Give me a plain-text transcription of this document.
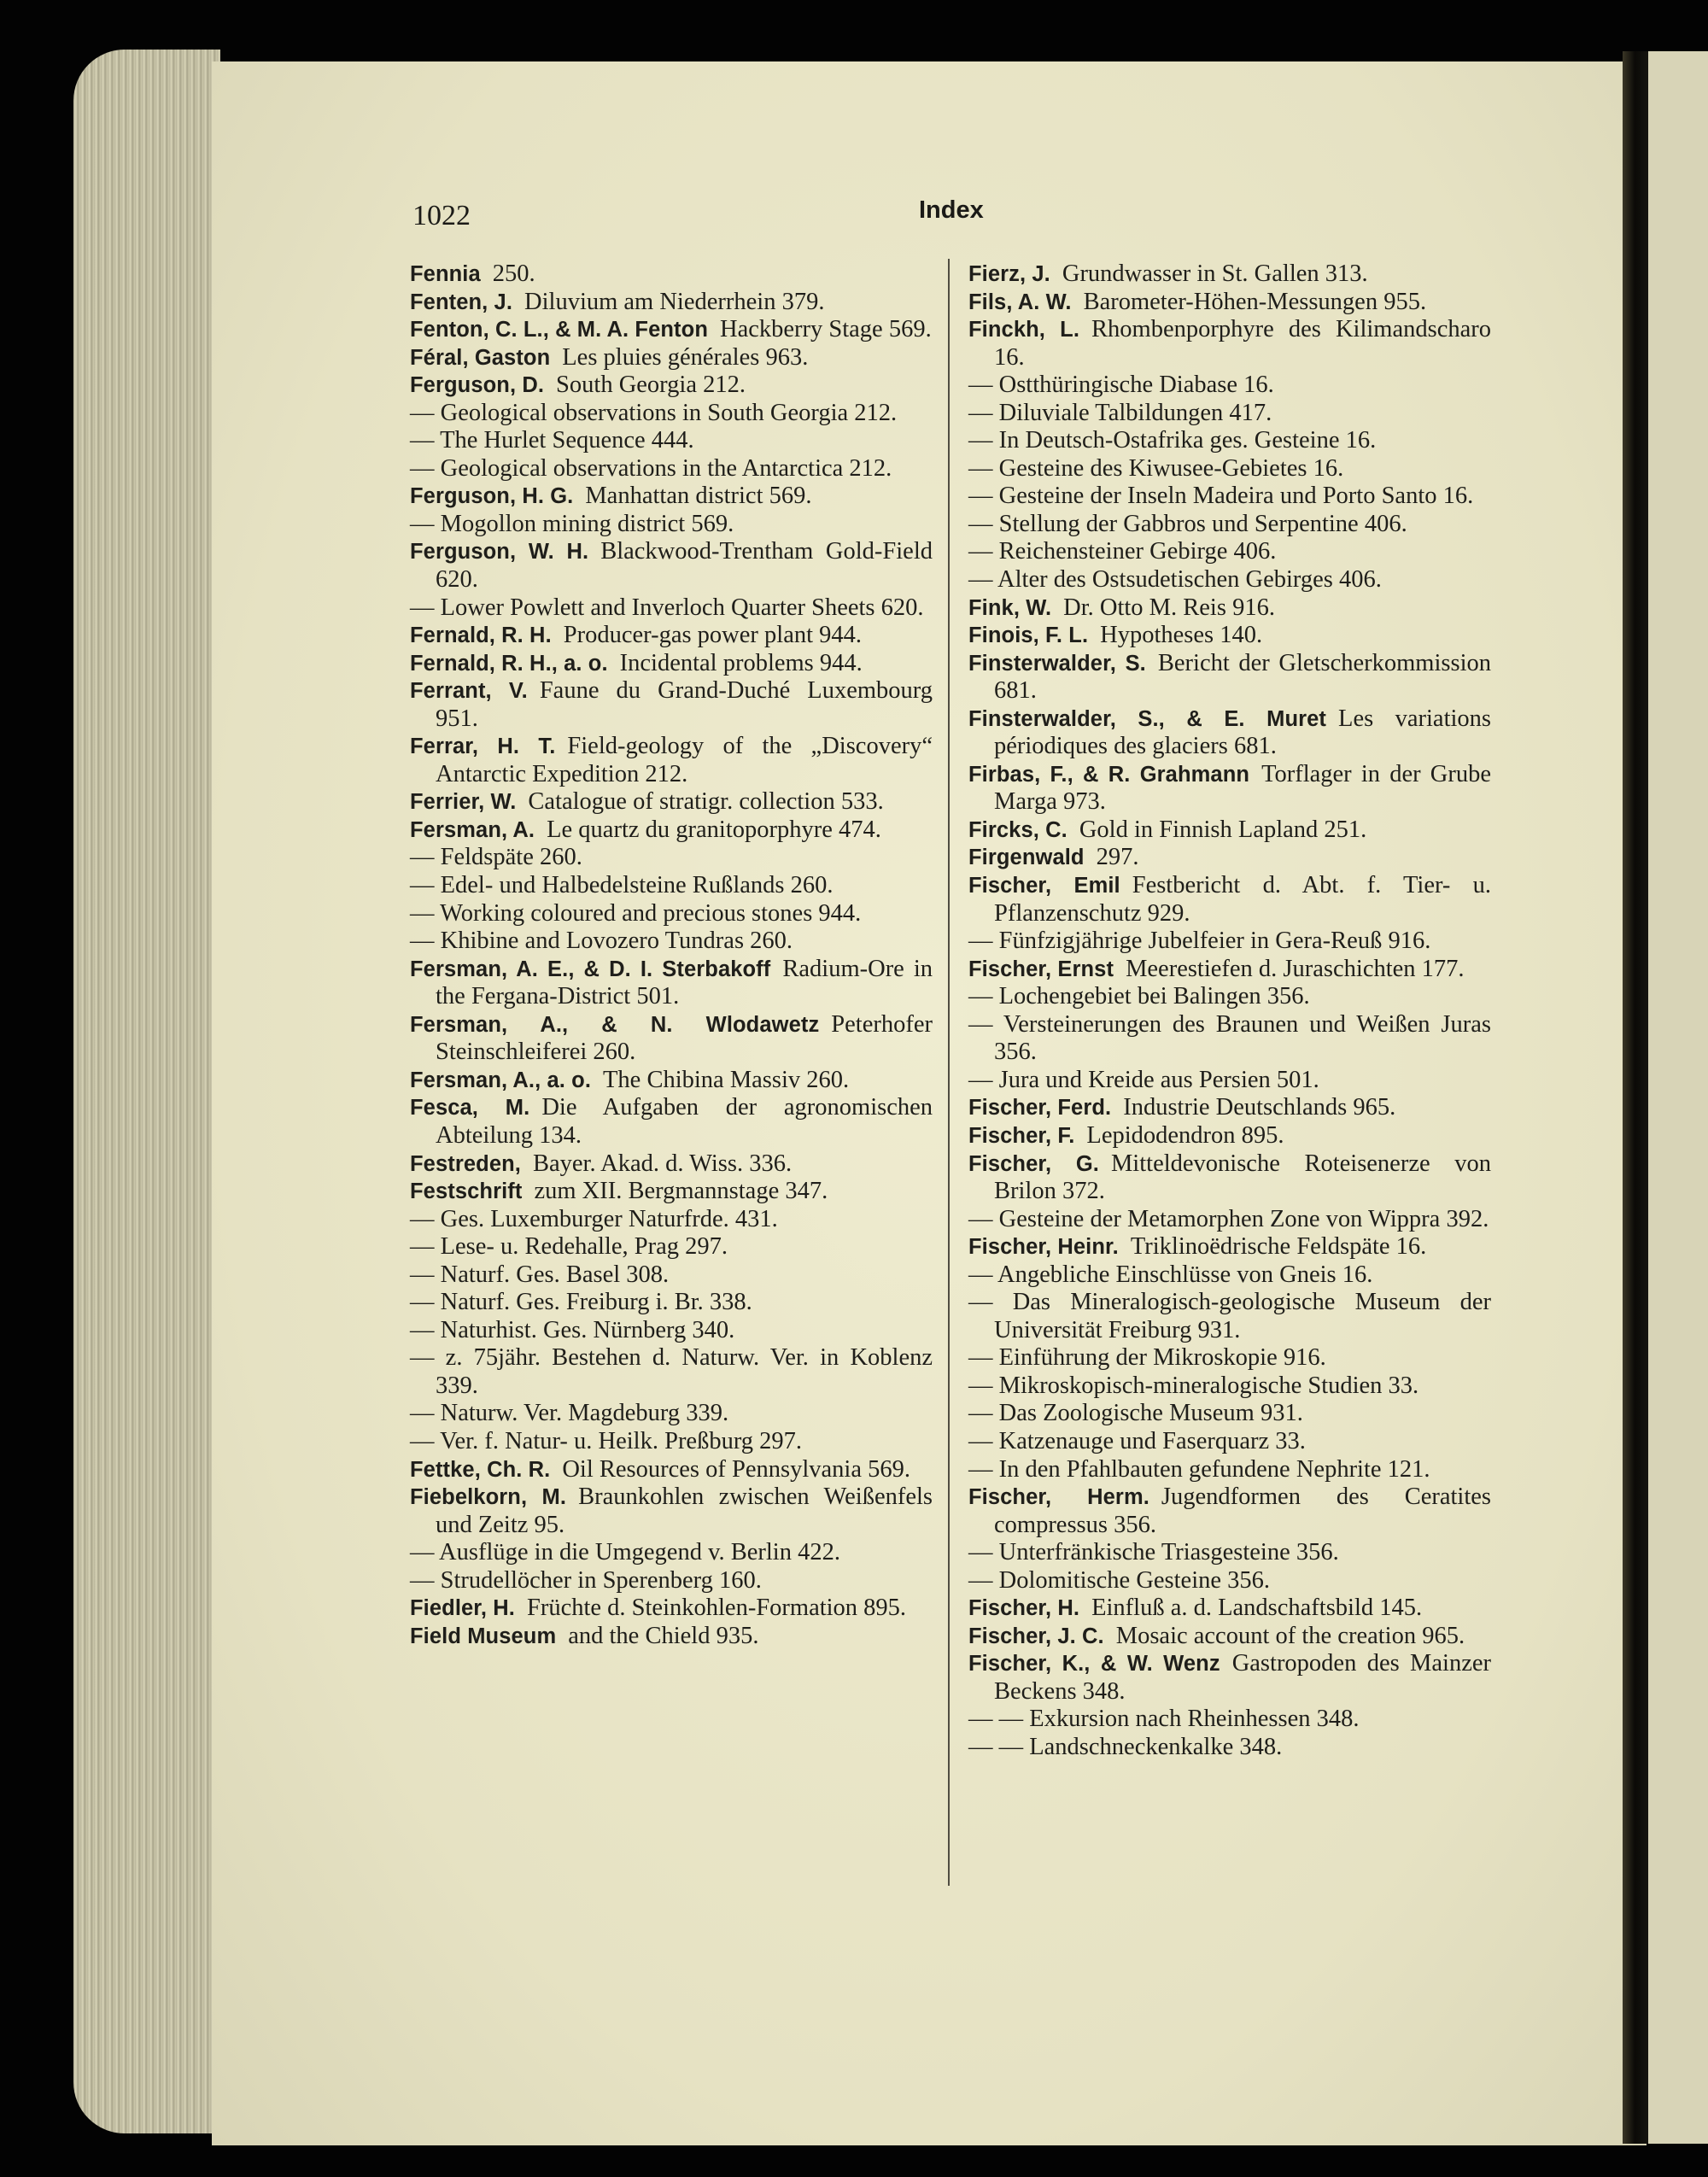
1022	Index

Fennia 250.

Fenten, J. Diluvium am Niederrhein 379.

Fenton, C. L., & M. A. Fenton Hackberry Stage 569.

Féral, Gaston Les pluies générales 963.

Ferguson, D. South Georgia 212.

— Geological observations in South Georgia 212.

— The Hurlet Sequence 444.

— Geological observations in the Antarctica 212.

Ferguson, H. G. Manhattan district 569.

— Mogollon mining district 569.

Ferguson, W. H. Blackwood-Trentham Gold-Field 620.

— Lower Powlett and Inverloch Quarter Sheets 620.

Fernald, R. H. Producer-gas power plant 944.

Fernald, R. H., a. o. Incidental problems 944.

Ferrant, V. Faune du Grand-Duché Luxembourg 951.

Ferrar, H. T. Field-geology of the „Discovery“ Antarctic Expedition 212.

Ferrier, W. Catalogue of stratigr. collection 533.

Fersman, A. Le quartz du granitoporphyre 474.

— Feldspäte 260.

— Edel- und Halbedelsteine Rußlands 260.

— Working coloured and precious stones 944.

— Khibine and Lovozero Tundras 260.

Fersman, A. E., & D. I. Sterbakoff Radium-Ore in the Fergana-District 501.

Fersman, A., & N. Wlodawetz Peterhofer Steinschleiferei 260.

Fersman, A., a. o. The Chibina Massiv 260.

Fesca, M. Die Aufgaben der agronomischen Abteilung 134.

Festreden, Bayer. Akad. d. Wiss. 336.

Festschrift zum XII. Bergmannstage 347.

— Ges. Luxemburger Naturfrde. 431.

— Lese- u. Redehalle, Prag 297.

— Naturf. Ges. Basel 308.

— Naturf. Ges. Freiburg i. Br. 338.

— Naturhist. Ges. Nürnberg 340.

— z. 75jähr. Bestehen d. Naturw. Ver. in Koblenz 339.

— Naturw. Ver. Magdeburg 339.

— Ver. f. Natur- u. Heilk. Preßburg 297.

Fettke, Ch. R. Oil Resources of Pennsylvania 569.

Fiebelkorn, M. Braunkohlen zwischen Weißenfels und Zeitz 95.

— Ausflüge in die Umgegend v. Berlin 422.

— Strudellöcher in Sperenberg 160.

Fiedler, H. Früchte d. Steinkohlen-Formation 895.

Field Museum and the Chield 935.

Fierz, J. Grundwasser in St. Gallen 313.

Fils, A. W. Barometer-Höhen-Messungen 955.

Finckh, L. Rhombenporphyre des Kilimandscharo 16.

— Ostthüringische Diabase 16.

— Diluviale Talbildungen 417.

— In Deutsch-Ostafrika ges. Gesteine 16.

— Gesteine des Kiwusee-Gebietes 16.

— Gesteine der Inseln Madeira und Porto Santo 16.

— Stellung der Gabbros und Serpentine 406.

— Reichensteiner Gebirge 406.

— Alter des Ostsudetischen Gebirges 406.

Fink, W. Dr. Otto M. Reis 916.

Finois, F. L. Hypotheses 140.

Finsterwalder, S. Bericht der Gletscherkommission 681.

Finsterwalder, S., & E. Muret Les variations périodiques des glaciers 681.

Firbas, F., & R. Grahmann Torflager in der Grube Marga 973.

Fircks, C. Gold in Finnish Lapland 251.

Firgenwald 297.

Fischer, Emil Festbericht d. Abt. f. Tier- u. Pflanzenschutz 929.

— Fünfzigjährige Jubelfeier in Gera-Reuß 916.

Fischer, Ernst Meerestiefen d. Juraschichten 177.

— Lochengebiet bei Balingen 356.

— Versteinerungen des Braunen und Weißen Juras 356.

— Jura und Kreide aus Persien 501.

Fischer, Ferd. Industrie Deutschlands 965.

Fischer, F. Lepidodendron 895.

Fischer, G. Mitteldevonische Roteisenerze von Brilon 372.

— Gesteine der Metamorphen Zone von Wippra 392.

Fischer, Heinr. Triklinoëdrische Feldspäte 16.

— Angebliche Einschlüsse von Gneis 16.

— Das Mineralogisch-geologische Museum der Universität Freiburg 931.

— Einführung der Mikroskopie 916.

— Mikroskopisch-mineralogische Studien 33.

— Das Zoologische Museum 931.

— Katzenauge und Faserquarz 33.

— In den Pfahlbauten gefundene Nephrite 121.

Fischer, Herm. Jugendformen des Ceratites compressus 356.

— Unterfränkische Triasgesteine 356.

— Dolomitische Gesteine 356.

Fischer, H. Einfluß a. d. Landschaftsbild 145.

Fischer, J. C. Mosaic account of the creation 965.

Fischer, K., & W. Wenz Gastropoden des Mainzer Beckens 348.

— — Exkursion nach Rheinhessen 348.

— — Landschneckenkalke 348.
